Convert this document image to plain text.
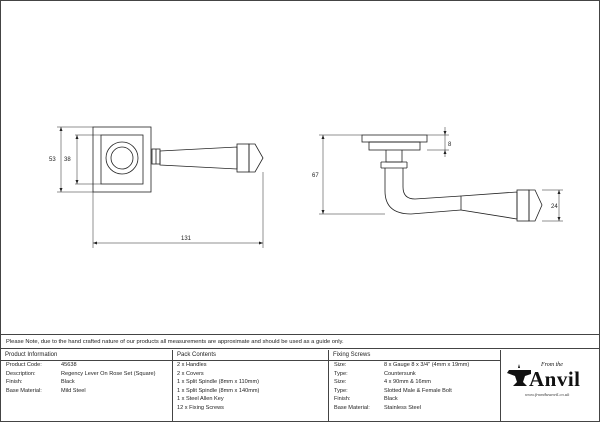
53 38
131
67
8
24
Please Note, due to the hand crafted nature of our products all measurements are approximate and should be used as a guide only.
Product Information
Product Code:	45638
Description:	Regency Lever On Rose Set (Square)
Finish:	Black
Base Material:	Mild Steel
Pack Contents
2 x Handles
2 x Covers
1 x Split Spindle (8mm x 110mm)
1 x Split Spindle (8mm x 140mm)
1 x Steel Allen Key
12 x Fixing Screws
Fixing Screws
Size:	8 x Gauge 8 x 3/4" (4mm x 19mm)
Type:	Countersunk
Size:	4 x 90mm & 16mm
Type:	Slotted Male & Female Bolt
Finish:	Black
Base Material:	Stainless Steel
From the
Anvil
www.fromtheanvil.co.uk
